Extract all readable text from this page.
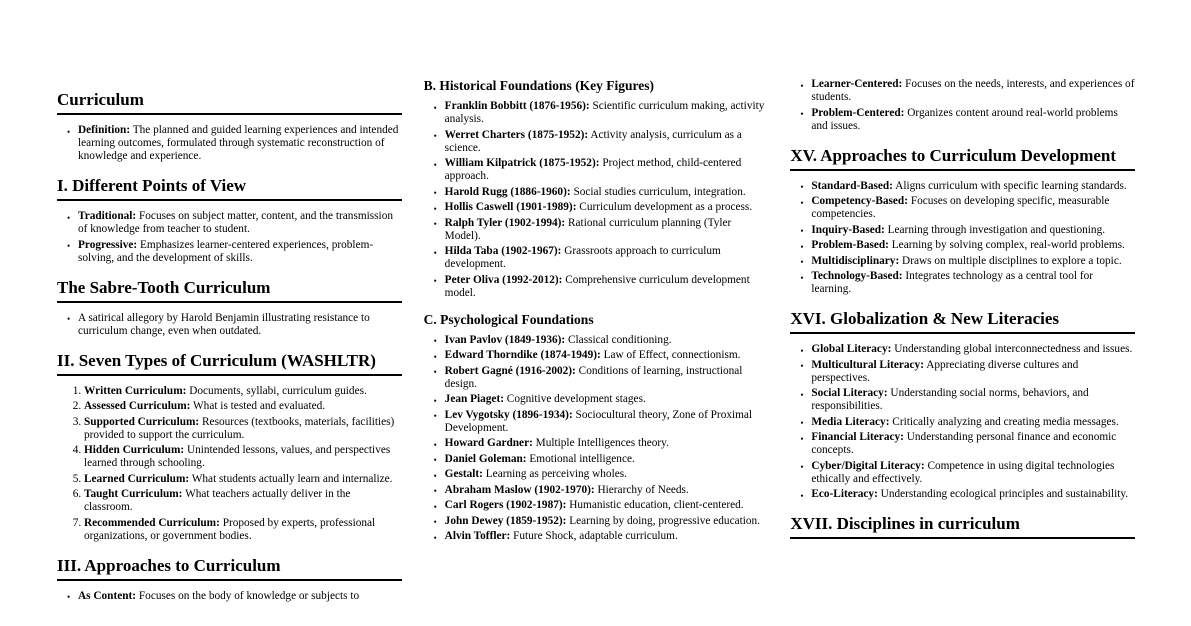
Curriculum
• Definition: The planned and guided learning experiences and intended learning outcomes, formulated through systematic reconstruction of knowledge and experience.
I. Different Points of View
• Traditional: Focuses on subject matter, content, and the transmission of knowledge from teacher to student.
• Progressive: Emphasizes learner-centered experiences, problem-solving, and the development of skills.
The Sabre-Tooth Curriculum
• A satirical allegory by Harold Benjamin illustrating resistance to curriculum change, even when outdated.
II. Seven Types of Curriculum (WASHLTR)
1. Written Curriculum: Documents, syllabi, curriculum guides.
2. Assessed Curriculum: What is tested and evaluated.
3. Supported Curriculum: Resources (textbooks, materials, facilities) provided to support the curriculum.
4. Hidden Curriculum: Unintended lessons, values, and perspectives learned through schooling.
5. Learned Curriculum: What students actually learn and internalize.
6. Taught Curriculum: What teachers actually deliver in the classroom.
7. Recommended Curriculum: Proposed by experts, professional organizations, or government bodies.
III. Approaches to Curriculum
• As Content: Focuses on the body of knowledge or subjects to
B. Historical Foundations (Key Figures)
• Franklin Bobbitt (1876-1956): Scientific curriculum making, activity analysis.
• Werret Charters (1875-1952): Activity analysis, curriculum as a science.
• William Kilpatrick (1875-1952): Project method, child-centered approach.
• Harold Rugg (1886-1960): Social studies curriculum, integration.
• Hollis Caswell (1901-1989): Curriculum development as a process.
• Ralph Tyler (1902-1994): Rational curriculum planning (Tyler Model).
• Hilda Taba (1902-1967): Grassroots approach to curriculum development.
• Peter Oliva (1992-2012): Comprehensive curriculum development model.
C. Psychological Foundations
• Ivan Pavlov (1849-1936): Classical conditioning.
• Edward Thorndike (1874-1949): Law of Effect, connectionism.
• Robert Gagné (1916-2002): Conditions of learning, instructional design.
• Jean Piaget: Cognitive development stages.
• Lev Vygotsky (1896-1934): Sociocultural theory, Zone of Proximal Development.
• Howard Gardner: Multiple Intelligences theory.
• Daniel Goleman: Emotional intelligence.
• Gestalt: Learning as perceiving wholes.
• Abraham Maslow (1902-1970): Hierarchy of Needs.
• Carl Rogers (1902-1987): Humanistic education, client-centered.
• John Dewey (1859-1952): Learning by doing, progressive education.
• Alvin Toffler: Future Shock, adaptable curriculum.
• Learner-Centered: Focuses on the needs, interests, and experiences of students.
• Problem-Centered: Organizes content around real-world problems and issues.
XV. Approaches to Curriculum Development
• Standard-Based: Aligns curriculum with specific learning standards.
• Competency-Based: Focuses on developing specific, measurable competencies.
• Inquiry-Based: Learning through investigation and questioning.
• Problem-Based: Learning by solving complex, real-world problems.
• Multidisciplinary: Draws on multiple disciplines to explore a topic.
• Technology-Based: Integrates technology as a central tool for learning.
XVI. Globalization & New Literacies
• Global Literacy: Understanding global interconnectedness and issues.
• Multicultural Literacy: Appreciating diverse cultures and perspectives.
• Social Literacy: Understanding social norms, behaviors, and responsibilities.
• Media Literacy: Critically analyzing and creating media messages.
• Financial Literacy: Understanding personal finance and economic concepts.
• Cyber/Digital Literacy: Competence in using digital technologies ethically and effectively.
• Eco-Literacy: Understanding ecological principles and sustainability.
XVII. Disciplines in curriculum
